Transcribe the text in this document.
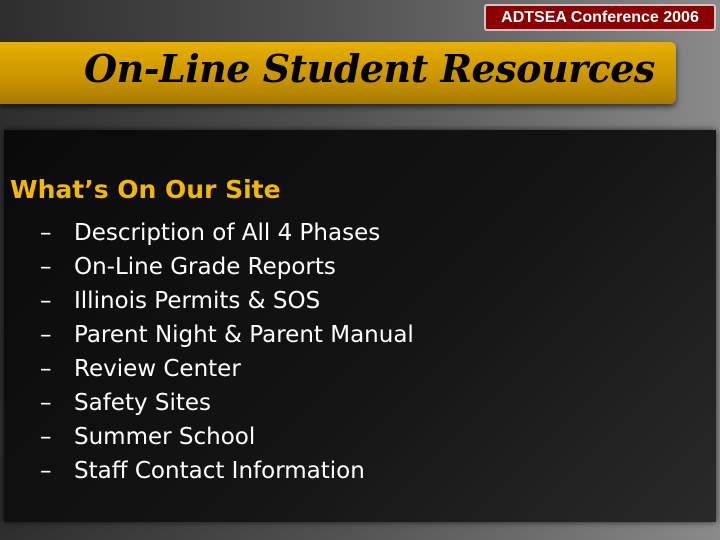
ADTSEA Conference 2006
On-Line Student Resources
What’s On Our Site
– Description of All 4 Phases
– On-Line Grade Reports
– Illinois Permits & SOS
– Parent Night & Parent Manual
– Review Center
– Safety Sites
– Summer School
– Staff Contact Information
